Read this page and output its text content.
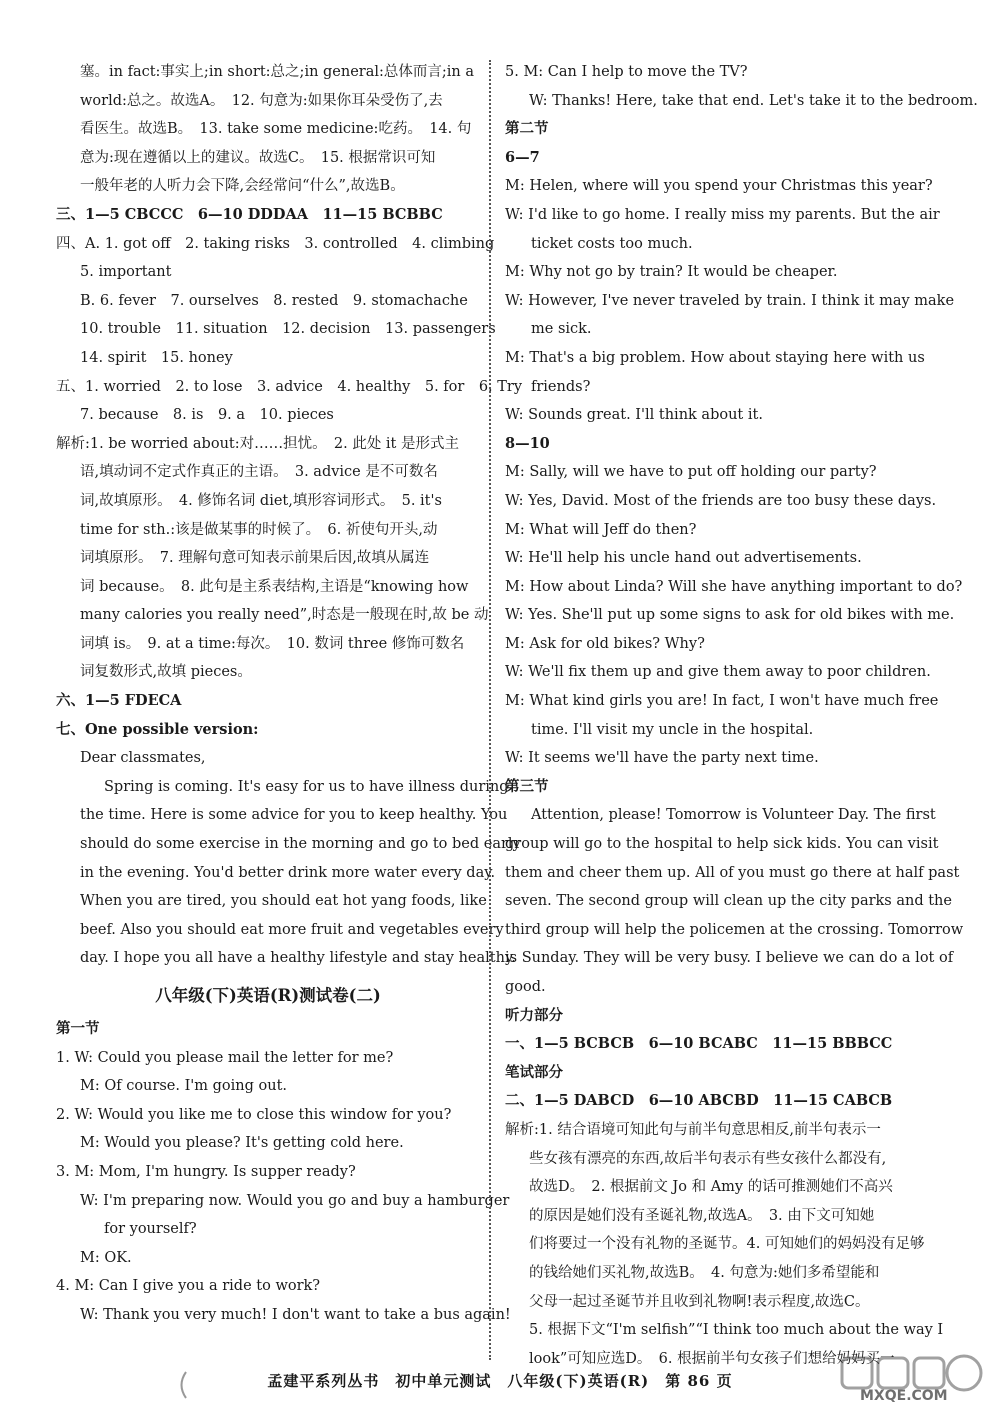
塞。in fact:事实上;in short:总之;in general:总体而言;in a
world:总之。故选A。　12. 句意为:如果你耳朵受伤了,去
看医生。故选B。　13. take some medicine:吃药。　14. 句
意为:现在遵循以上的建议。故选C。　15. 根据常识可知
一般年老的人听力会下降,会经常问“什么”,故选B。
三、1—5 CBCCC　6—10 DDDAA　11—15 BCBBC
四、A. 1. got off　2. taking risks　3. controlled　4. climbing
5. important
B. 6. fever　7. ourselves　8. rested　9. stomachache
10. trouble　11. situation　12. decision　13. passengers
14. spirit　15. honey
五、1. worried　2. to lose　3. advice　4. healthy　5. for　6. Try
7. because　8. is　9. a　10. pieces
解析:1. be worried about:对……担忧。　2. 此处 it 是形式主
语,填动词不定式作真正的主语。　3. advice 是不可数名
词,故填原形。　4. 修饰名词 diet,填形容词形式。　5. it's
time for sth.:该是做某事的时候了。　6. 祈使句开头,动
词填原形。　7. 理解句意可知表示前果后因,故填从属连
词 because。　8. 此句是主系表结构,主语是“knowing how
many calories you really need”,时态是一般现在时,故 be 动
词填 is。　9. at a time:每次。　10. 数词 three 修饰可数名
词复数形式,故填 pieces。
六、1—5 FDECA
七、One possible version:
Dear classmates,
Spring is coming. It's easy for us to have illness during
the time. Here is some advice for you to keep healthy. You
should do some exercise in the morning and go to bed early
in the evening. You'd better drink more water every day.
When you are tired, you should eat hot yang foods, like
beef. Also you should eat more fruit and vegetables every
day. I hope you all have a healthy lifestyle and stay healthy.
八年级(下)英语(R)测试卷(二)
第一节
1. W: Could you please mail the letter for me?
M: Of course. I'm going out.
2. W: Would you like me to close this window for you?
M: Would you please? It's getting cold here.
3. M: Mom, I'm hungry. Is supper ready?
W: I'm preparing now. Would you go and buy a hamburger
for yourself?
M: OK.
4. M: Can I give you a ride to work?
W: Thank you very much! I don't want to take a bus again!
5. M: Can I help to move the TV?
W: Thanks! Here, take that end. Let's take it to the bedroom.
第二节
6—7
M: Helen, where will you spend your Christmas this year?
W: I'd like to go home. I really miss my parents. But the air
ticket costs too much.
M: Why not go by train? It would be cheaper.
W: However, I've never traveled by train. I think it may make
me sick.
M: That's a big problem. How about staying here with us
friends?
W: Sounds great. I'll think about it.
8—10
M: Sally, will we have to put off holding our party?
W: Yes, David. Most of the friends are too busy these days.
M: What will Jeff do then?
W: He'll help his uncle hand out advertisements.
M: How about Linda? Will she have anything important to do?
W: Yes. She'll put up some signs to ask for old bikes with me.
M: Ask for old bikes? Why?
W: We'll fix them up and give them away to poor children.
M: What kind girls you are! In fact, I won't have much free
time. I'll visit my uncle in the hospital.
W: It seems we'll have the party next time.
第三节
Attention, please! Tomorrow is Volunteer Day. The first
group will go to the hospital to help sick kids. You can visit
them and cheer them up. All of you must go there at half past
seven. The second group will clean up the city parks and the
third group will help the policemen at the crossing. Tomorrow
is Sunday. They will be very busy. I believe we can do a lot of
good.
听力部分
一、1—5 BCBCB　6—10 BCABC　11—15 BBBCC
笔试部分
二、1—5 DABCD　6—10 ABCBD　11—15 CABCB
解析:1. 结合语境可知此句与前半句意思相反,前半句表示一
些女孩有漂亮的东西,故后半句表示有些女孩什么都没有,
故选D。　2. 根据前文 Jo 和 Amy 的话可推测她们不高兴
的原因是她们没有圣诞礼物,故选A。　3. 由下文可知她
们将要过一个没有礼物的圣诞节。4. 可知她们的妈妈没有足够
的钱给她们买礼物,故选B。　4. 句意为:她们多希望能和
父母一起过圣诞节并且收到礼物啊!表示程度,故选C。
5. 根据下文“I'm selfish”“I think too much about the way I
look”可知应选D。　6. 根据前半句女孩子们想给妈妈买一
孟建平系列丛书　初中单元测试　八年级(下)英语(R)　第 86 页
MXQE.COM
